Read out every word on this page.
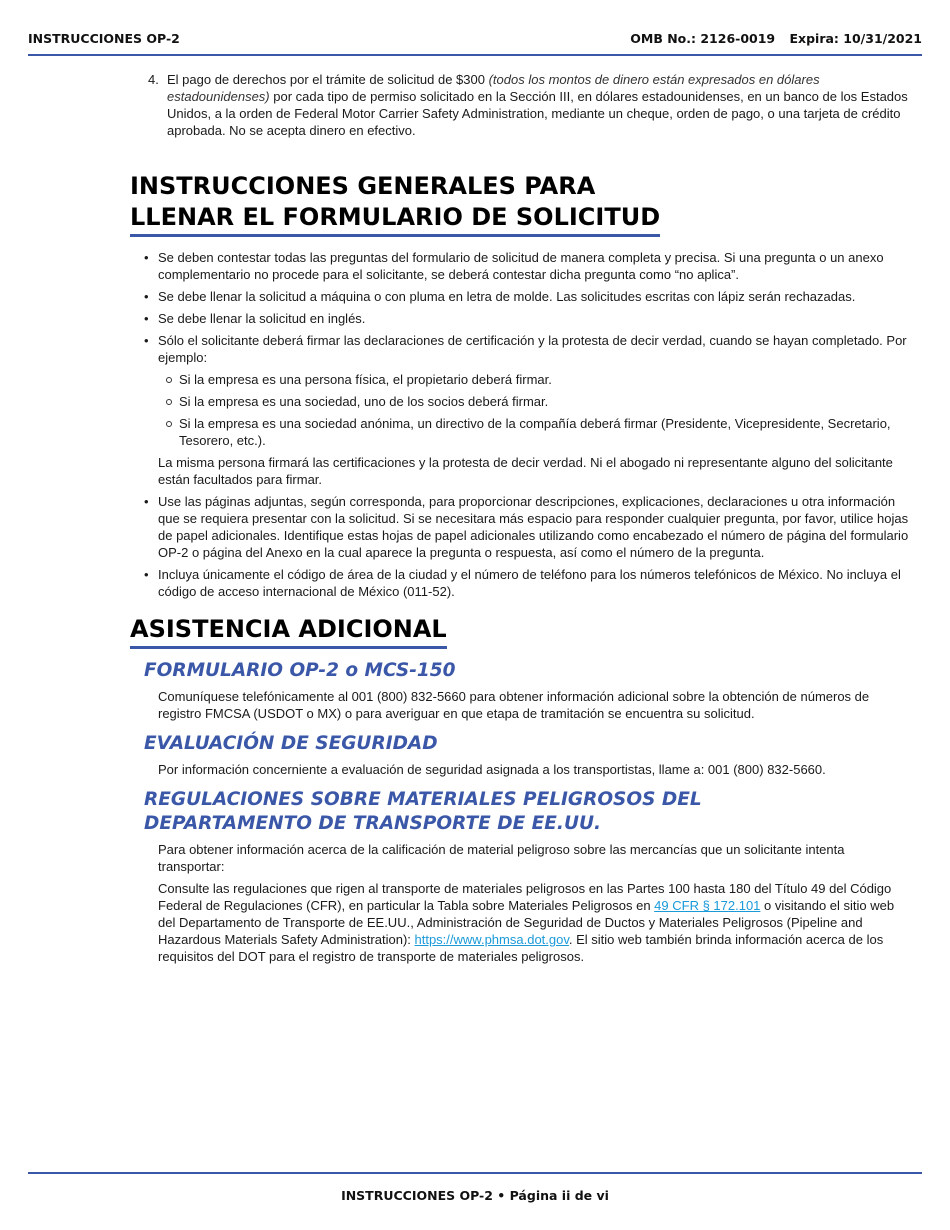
INSTRUCCIONES OP-2	OMB No.: 2126-0019 Expira: 10/31/2021
4. El pago de derechos por el trámite de solicitud de $300 (todos los montos de dinero están expresados en dólares estadounidenses) por cada tipo de permiso solicitado en la Sección III, en dólares estadounidenses, en un banco de los Estados Unidos, a la orden de Federal Motor Carrier Safety Administration, mediante un cheque, orden de pago, o una tarjeta de crédito aprobada. No se acepta dinero en efectivo.
INSTRUCCIONES GENERALES PARA
LLENAR EL FORMULARIO DE SOLICITUD
• Se deben contestar todas las preguntas del formulario de solicitud de manera completa y precisa. Si una pregunta o un anexo complementario no procede para el solicitante, se deberá contestar dicha pregunta como “no aplica”.
• Se debe llenar la solicitud a máquina o con pluma en letra de molde. Las solicitudes escritas con lápiz serán rechazadas.
• Se debe llenar la solicitud en inglés.
• Sólo el solicitante deberá firmar las declaraciones de certificación y la protesta de decir verdad, cuando se hayan completado. Por ejemplo:
Si la empresa es una persona física, el propietario deberá firmar.
Si la empresa es una sociedad, uno de los socios deberá firmar.
Si la empresa es una sociedad anónima, un directivo de la compañía deberá firmar (Presidente, Vicepresidente, Secretario, Tesorero, etc.).
La misma persona firmará las certificaciones y la protesta de decir verdad. Ni el abogado ni representante alguno del solicitante están facultados para firmar.
• Use las páginas adjuntas, según corresponda, para proporcionar descripciones, explicaciones, declaraciones u otra información que se requiera presentar con la solicitud. Si se necesitara más espacio para responder cualquier pregunta, por favor, utilice hojas de papel adicionales. Identifique estas hojas de papel adicionales utilizando como encabezado el número de página del formulario OP-2 o página del Anexo en la cual aparece la pregunta o respuesta, así como el número de la pregunta.
• Incluya únicamente el código de área de la ciudad y el número de teléfono para los números telefónicos de México. No incluya el código de acceso internacional de México (011-52).
ASISTENCIA ADICIONAL
FORMULARIO OP-2 o MCS-150
Comuníquese telefónicamente al 001 (800) 832-5660 para obtener información adicional sobre la obtención de números de registro FMCSA (USDOT o MX) o para averiguar en que etapa de tramitación se encuentra su solicitud.
EVALUACIÓN DE SEGURIDAD
Por información concerniente a evaluación de seguridad asignada a los transportistas, llame a: 001 (800) 832-5660.
REGULACIONES SOBRE MATERIALES PELIGROSOS DEL
DEPARTAMENTO DE TRANSPORTE DE EE.UU.
Para obtener información acerca de la calificación de material peligroso sobre las mercancías que un solicitante intenta transportar:
Consulte las regulaciones que rigen al transporte de materiales peligrosos en las Partes 100 hasta 180 del Título 49 del Código Federal de Regulaciones (CFR), en particular la Tabla sobre Materiales Peligrosos en 49 CFR § 172.101 o visitando el sitio web del Departamento de Transporte de EE.UU., Administración de Seguridad de Ductos y Materiales Peligrosos (Pipeline and Hazardous Materials Safety Administration): https://www.phmsa.dot.gov. El sitio web también brinda información acerca de los requisitos del DOT para el registro de transporte de materiales peligrosos.
INSTRUCCIONES OP-2 • Página ii de vi
